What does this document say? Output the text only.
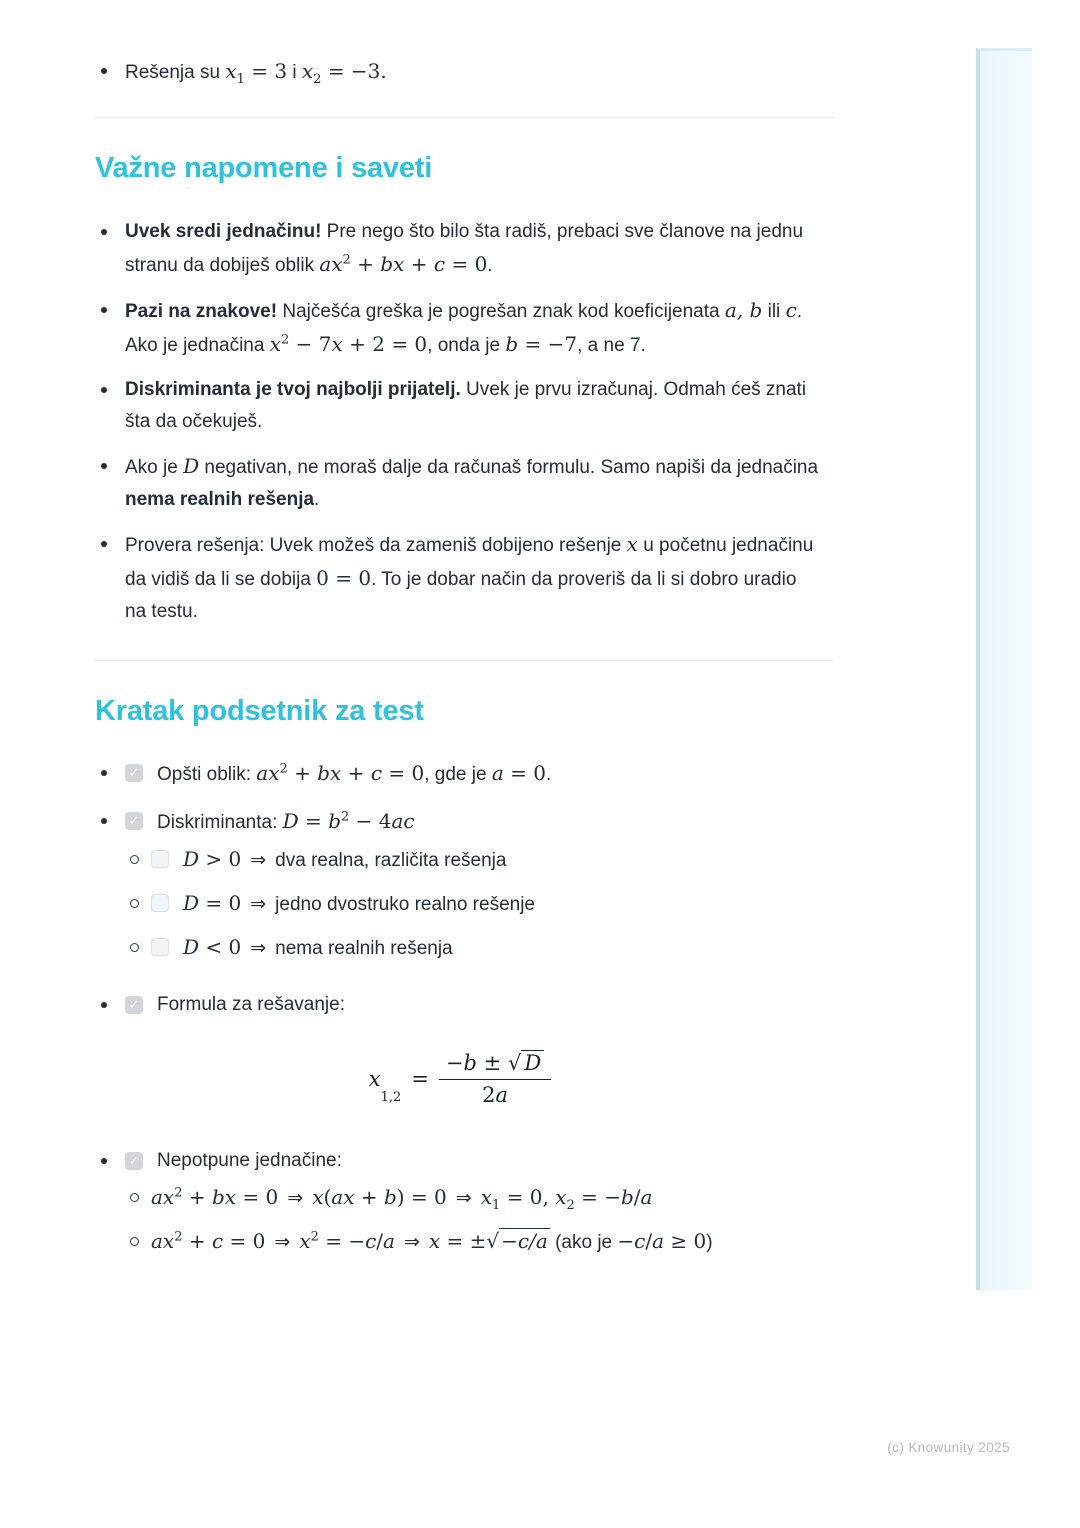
Rešenja su $x_1 = 3$ i $x_2 = -3$.
Važne napomene i saveti
Uvek sredi jednačinu! Pre nego što bilo šta radiš, prebaci sve članove na jednu stranu da dobiješ oblik $ax^2$ + bx + c = 0.
Pazi na znakove! Najčešća greška je pogrešan znak kod koeficijenata a, b ili c. Ako je jednačina $x^2 - 7x + 2 = 0$, onda je b = −7, a ne 7.
Diskriminanta je tvoj najbolji prijatelj. Uvek je prvu izračunaj. Odmah ćeš znati šta da očekuješ.
Ako je D negativan, ne moraš dalje da računaš formulu. Samo napiši da jednačina nema realnih rešenja.
Provera rešenja: Uvek možeš da zameniš dobijeno rešenje x u početnu jednačinu da vidiš da li se dobija 0 = 0. To je dobar način da proveriš da li si dobro uradio na testu.
Kratak podsetnik za test
✓
Opšti oblik: $ax^2$ + bx + c = 0, gde je a = 0.
✓
Diskriminanta: $D = b^2 - 4ac$
D > 0 ⇒ dva realna, različita rešenja
D = 0 ⇒ jedno dvostruko realno rešenje
D < 0 ⇒ nema realnih rešenja
✓
Formula za rešavanje:
x
1,2
= $\frac{-b \pm √ D}{2a}$
✓
Nepotpune jednačine:
$ax^2$ + bx = 0 ⇒ x(ax + b) = 0 ⇒ $x_1 = 0$, $x_2 = -b/a$
$ax^2 + c = 0$ ⇒ $x^2 = -c/a$ ⇒ x = ± √ −c/a (ako je −c/a ≥ 0)
(c) Knowunity 2025
